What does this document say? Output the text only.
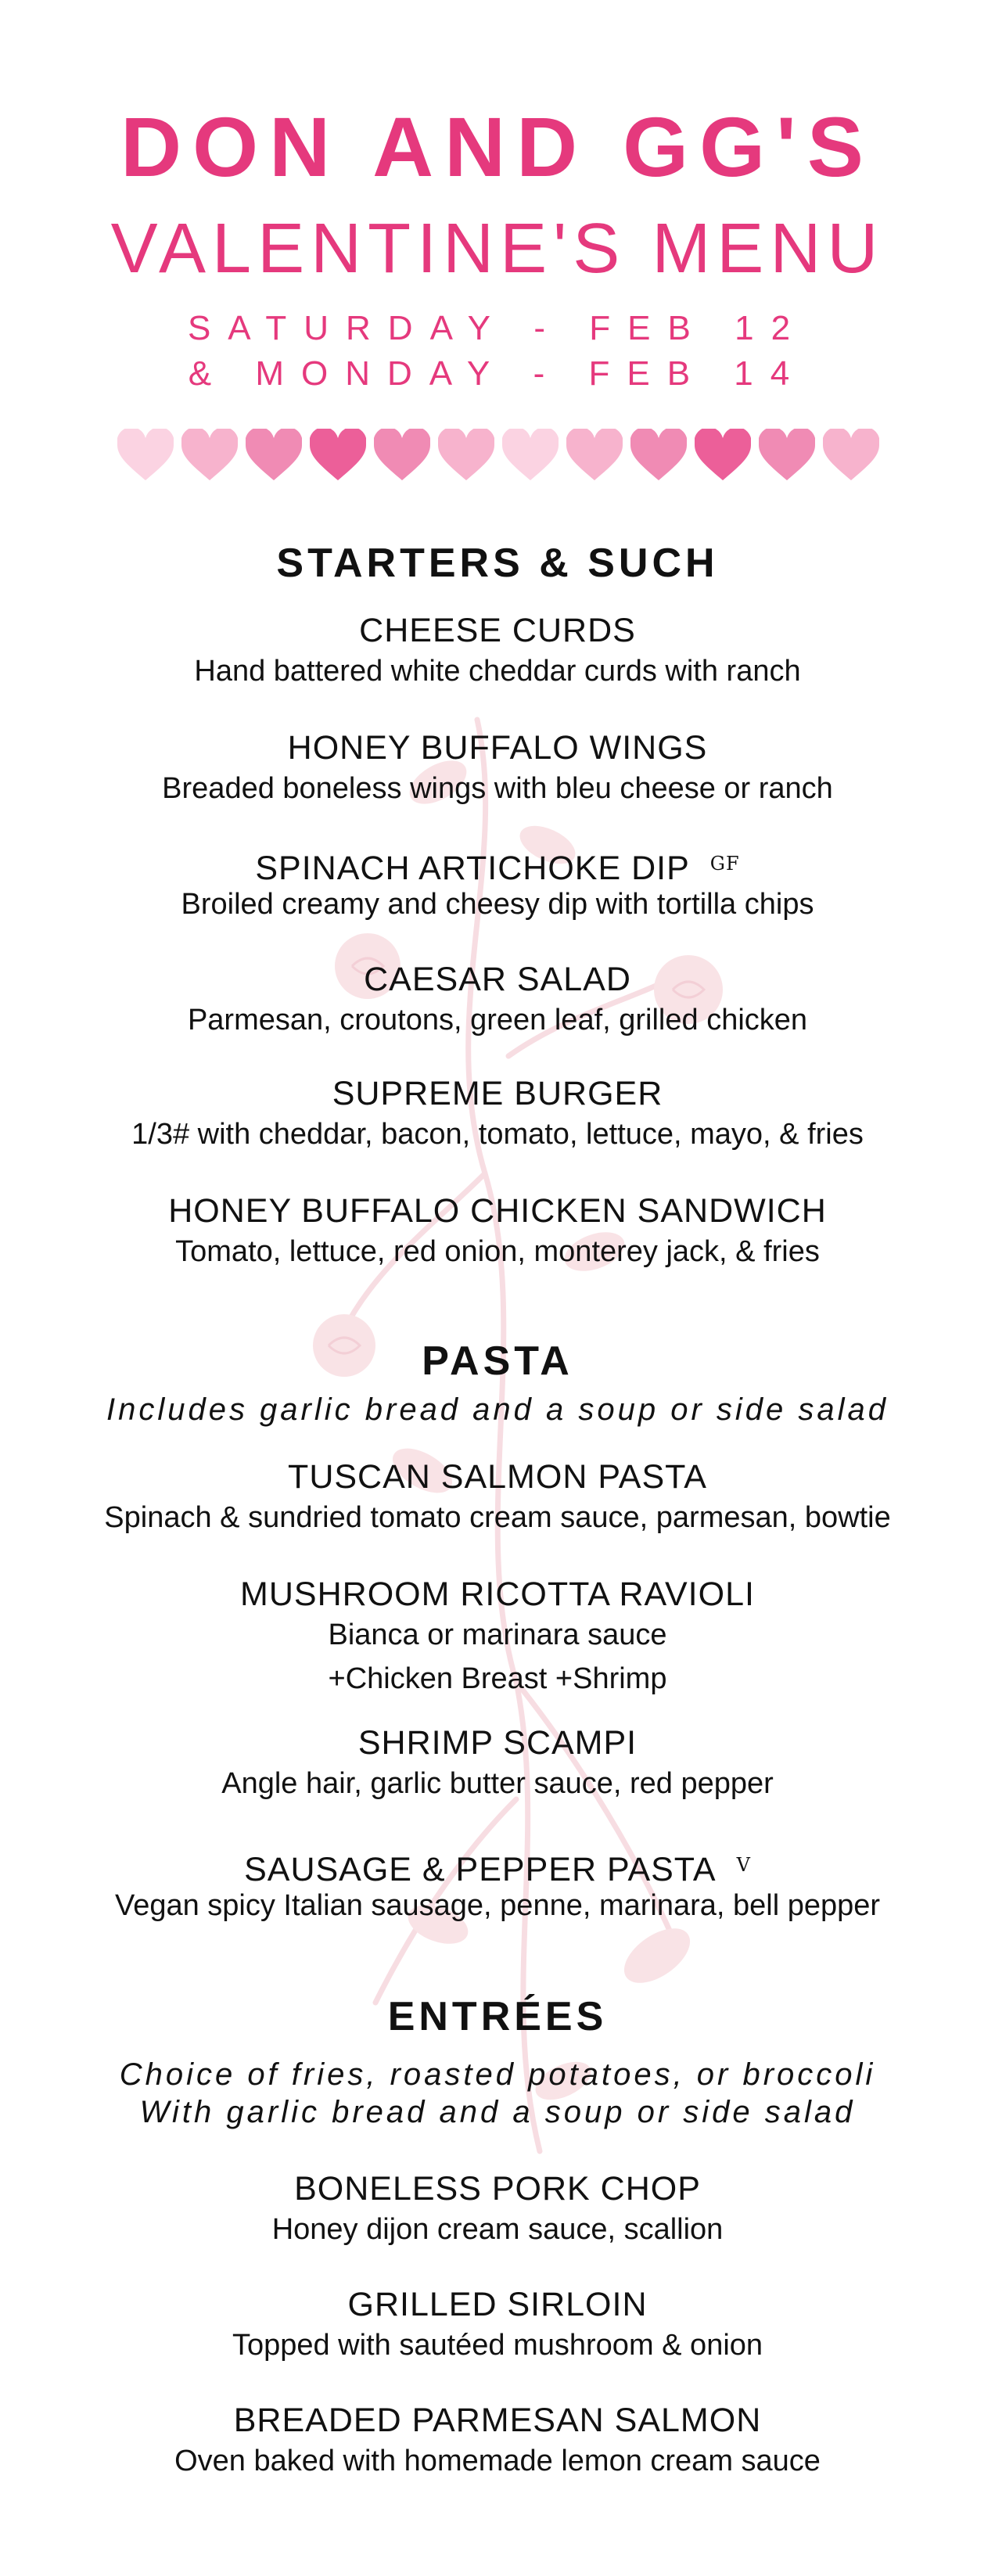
DON AND GG'S
VALENTINE'S MENU
SATURDAY - FEB 12
& MONDAY - FEB 14
STARTERS & SUCH
CHEESE CURDS
Hand battered white cheddar curds with ranch
HONEY BUFFALO WINGS
Breaded boneless wings with bleu cheese or ranch
SPINACH ARTICHOKE DIP $^{GF}$
Broiled creamy and cheesy dip with tortilla chips
CAESAR SALAD
Parmesan, croutons, green leaf, grilled chicken
SUPREME BURGER
1/3# with cheddar, bacon, tomato, lettuce, mayo, & fries
HONEY BUFFALO CHICKEN SANDWICH
Tomato, lettuce, red onion, monterey jack, & fries
PASTA
Includes garlic bread and a soup or side salad
TUSCAN SALMON PASTA
Spinach & sundried tomato cream sauce, parmesan, bowtie
MUSHROOM RICOTTA RAVIOLI
Bianca or marinara sauce
+Chicken Breast +Shrimp
SHRIMP SCAMPI
Angle hair, garlic butter sauce, red pepper
SAUSAGE & PEPPER PASTA $^V$
Vegan spicy Italian sausage, penne, marinara, bell pepper
ENTRÉES
Choice of fries, roasted potatoes, or broccoli
With garlic bread and a soup or side salad
BONELESS PORK CHOP
Honey dijon cream sauce, scallion
GRILLED SIRLOIN
Topped with sautéed mushroom & onion
BREADED PARMESAN SALMON
Oven baked with homemade lemon cream sauce
